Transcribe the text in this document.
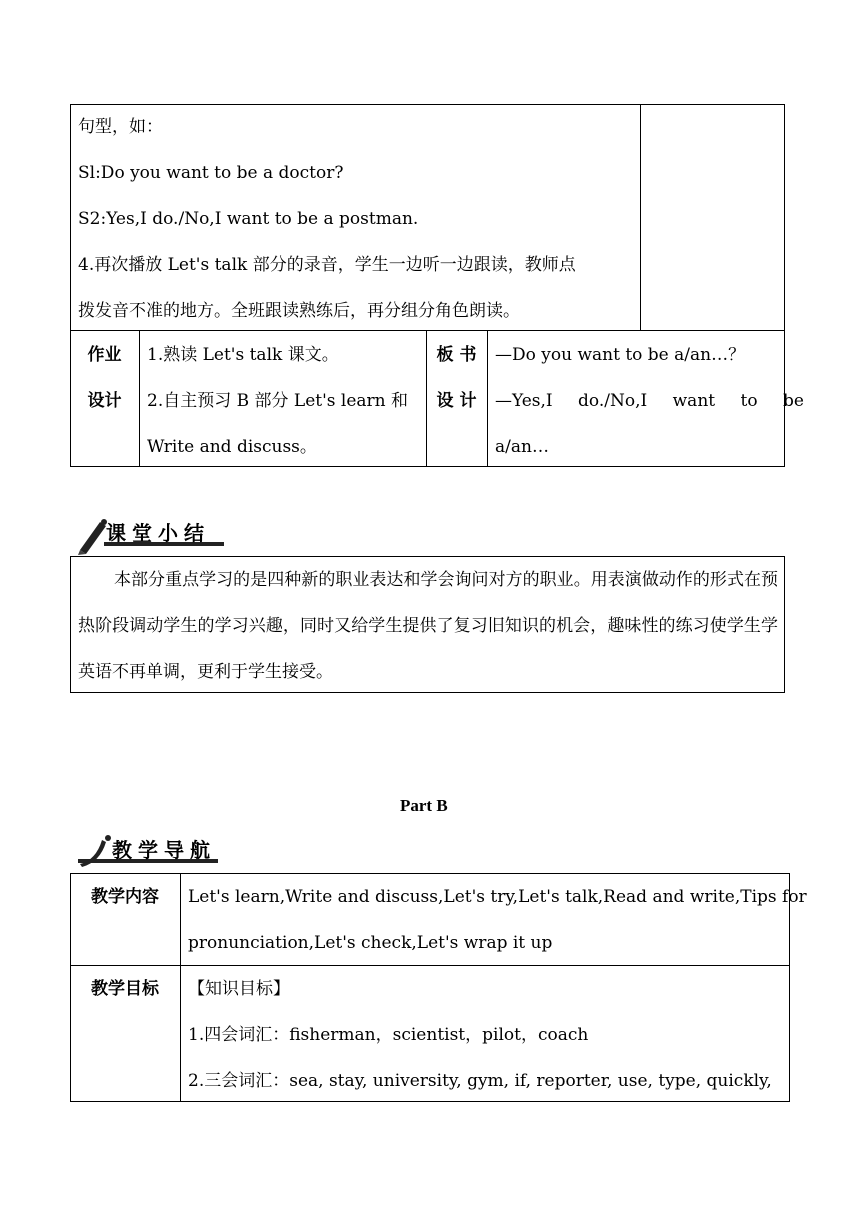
句型，如：
Sl:Do you want to be a doctor?
S2:Yes,I do./No,I want to be a postman.
4.再次播放 Let's talk 部分的录音，学生一边听一边跟读，教师点
拨发音不准的地方。全班跟读熟练后，再分组分角色朗读。
作业
设计
1.熟读 Let's talk 课文。
2.自主预习 B 部分 Let's learn 和
Write and discuss。
板 书
设 计
—Do you want to be a/an…？
—Yes,I do./No,I want to be
a/an…
课堂小结
本部分重点学习的是四种新的职业表达和学会询问对方的职业。用表演做动作的形式在预热阶段调动学生的学习兴趣，同时又给学生提供了复习旧知识的机会，趣味性的练习使学生学英语不再单调，更利于学生接受。
Part B
教学导航
教学内容	Let's learn,Write and discuss,Let's try,Let's talk,Read and write,Tips for
pronunciation,Let's check,Let's wrap it up
教学目标	【知识目标】
1.四会词汇：fisherman，scientist，pilot，coach
2.三会词汇：sea, stay, university, gym, if, reporter, use, type, quickly,
